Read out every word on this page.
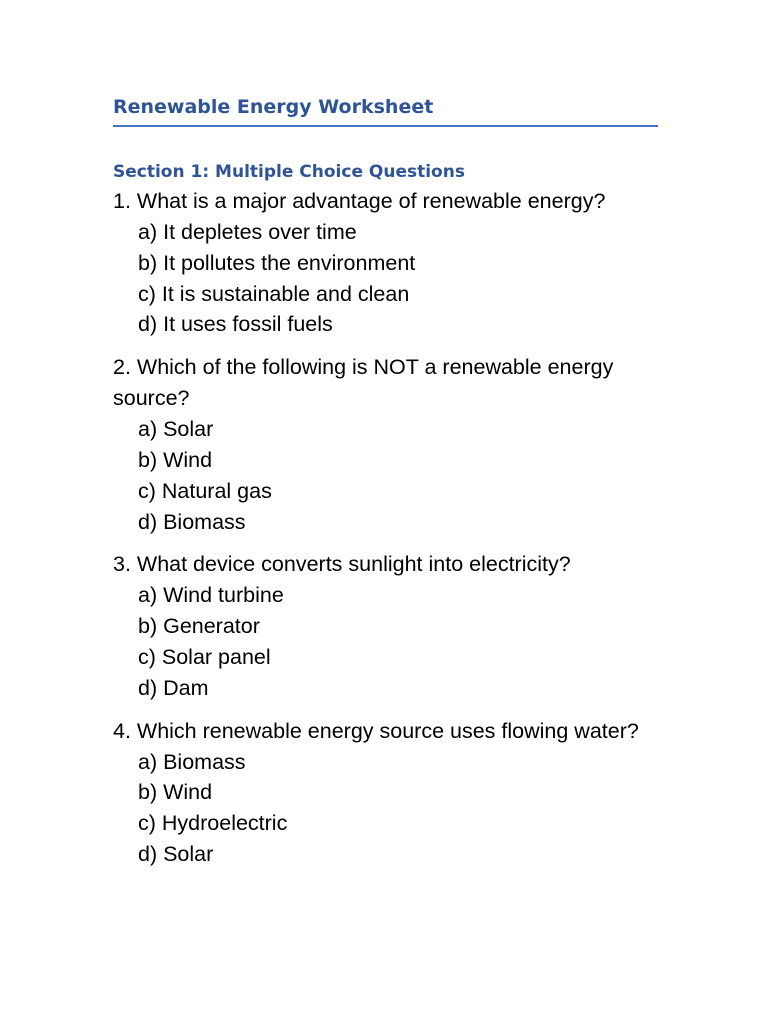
Renewable Energy Worksheet
Section 1: Multiple Choice Questions

1. What is a major advantage of renewable energy?

a) It depletes over time
b) It pollutes the environment
c) It is sustainable and clean
d) It uses fossil fuels

2. Which of the following is NOT a renewable energy source?

a) Solar
b) Wind
c) Natural gas
d) Biomass

3. What device converts sunlight into electricity?

a) Wind turbine
b) Generator
c) Solar panel
d) Dam

4. Which renewable energy source uses flowing water?

a) Biomass
b) Wind
c) Hydroelectric
d) Solar
